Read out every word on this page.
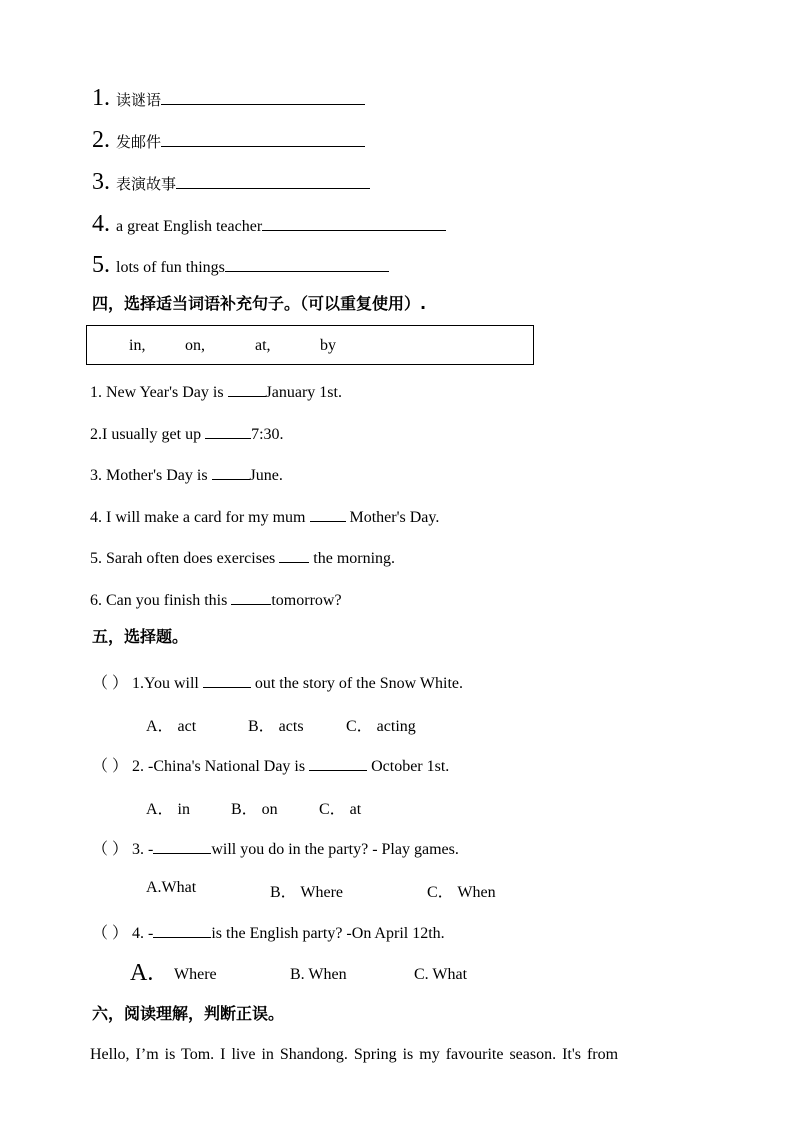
1. 读谜语
2. 发邮件
3. 表演故事
4. a great English teacher
5. lots of fun things
四，选择适当词语补充句子。（可以重复使用）.
in, on,	at,	by
1. New Year's Day is January 1st.
2.I usually get up	7:30.
3. Mother's Day is June.
4. I will make a card for my mum  Mother's Day.
5. Sarah often does exercises  the morning.
6. Can you finish this	tomorrow?
五，选择题。
（ ） 1.You will	out the story of the Snow White.
A． act	B． acts	C． acting
（ ） 2. -China's National Day is	October 1st.
A． in	B． on	C． at
（ ） 3. -	will you do in the party? - Play games.
A.What	B． Where	C． When
（ ） 4. -	is the English party? -On April 12th.
A. Where	B. When	C. What
六，阅读理解，判断正误。
Hello, I’m is Tom. I live in Shandong. Spring is my favourite season. It's from
